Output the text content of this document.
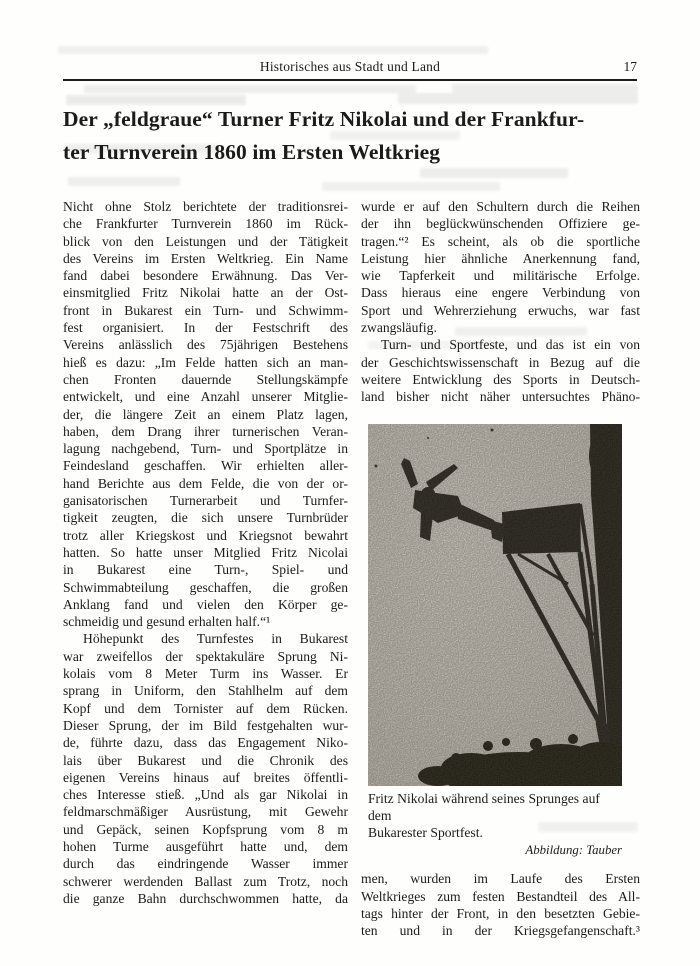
Historisches aus Stadt und Land	17
Der „feldgraue“ Turner Fritz Nikolai und der Frankfur-
ter Turnverein 1860 im Ersten Weltkrieg
Nicht ohne Stolz berichtete der traditionsrei-
che Frankfurter Turnverein 1860 im Rück-
blick von den Leistungen und der Tätigkeit
des Vereins im Ersten Weltkrieg. Ein Name
fand dabei besondere Erwähnung. Das Ver-
einsmitglied Fritz Nikolai hatte an der Ost-
front in Bukarest ein Turn- und Schwimm-
fest organisiert. In der Festschrift des
Vereins anlässlich des 75jährigen Bestehens
hieß es dazu: „Im Felde hatten sich an man-
chen Fronten dauernde Stellungskämpfe
entwickelt, und eine Anzahl unserer Mitglie-
der, die längere Zeit an einem Platz lagen,
haben, dem Drang ihrer turnerischen Veran-
lagung nachgebend, Turn- und Sportplätze in
Feindesland geschaffen. Wir erhielten aller-
hand Berichte aus dem Felde, die von der or-
ganisatorischen Turnerarbeit und Turnfer-
tigkeit zeugten, die sich unsere Turnbrüder
trotz aller Kriegskost und Kriegsnot bewahrt
hatten. So hatte unser Mitglied Fritz Nicolai
in Bukarest eine Turn-, Spiel- und
Schwimmabteilung geschaffen, die großen
Anklang fand und vielen den Körper ge-
schmeidig und gesund erhalten half.“¹
Höhepunkt des Turnfestes in Bukarest
war zweifellos der spektakuläre Sprung Ni-
kolais vom 8 Meter Turm ins Wasser. Er
sprang in Uniform, den Stahlhelm auf dem
Kopf und dem Tornister auf dem Rücken.
Dieser Sprung, der im Bild festgehalten wur-
de, führte dazu, dass das Engagement Niko-
lais über Bukarest und die Chronik des
eigenen Vereins hinaus auf breites öffentli-
ches Interesse stieß. „Und als gar Nikolai in
feldmarschmäßiger Ausrüstung, mit Gewehr
und Gepäck, seinen Kopfsprung vom 8 m
hohen Turme ausgeführt hatte und, dem
durch das eindringende Wasser immer
schwerer werdenden Ballast zum Trotz, noch
die ganze Bahn durchschwommen hatte, da
wurde er auf den Schultern durch die Reihen
der ihn beglückwünschenden Offiziere ge-
tragen.“² Es scheint, als ob die sportliche
Leistung hier ähnliche Anerkennung fand,
wie Tapferkeit und militärische Erfolge.
Dass hieraus eine engere Verbindung von
Sport und Wehrerziehung erwuchs, war fast
zwangsläufig.
Turn- und Sportfeste, und das ist ein von
der Geschichtswissenschaft in Bezug auf die
weitere Entwicklung des Sports in Deutsch-
land bisher nicht näher untersuchtes Phäno-
Fritz Nikolai während seines Sprunges auf dem
Bukarester Sportfest.
Abbildung: Tauber
men, wurden im Laufe des Ersten
Weltkrieges zum festen Bestandteil des All-
tags hinter der Front, in den besetzten Gebie-
ten und in der Kriegsgefangenschaft.³
